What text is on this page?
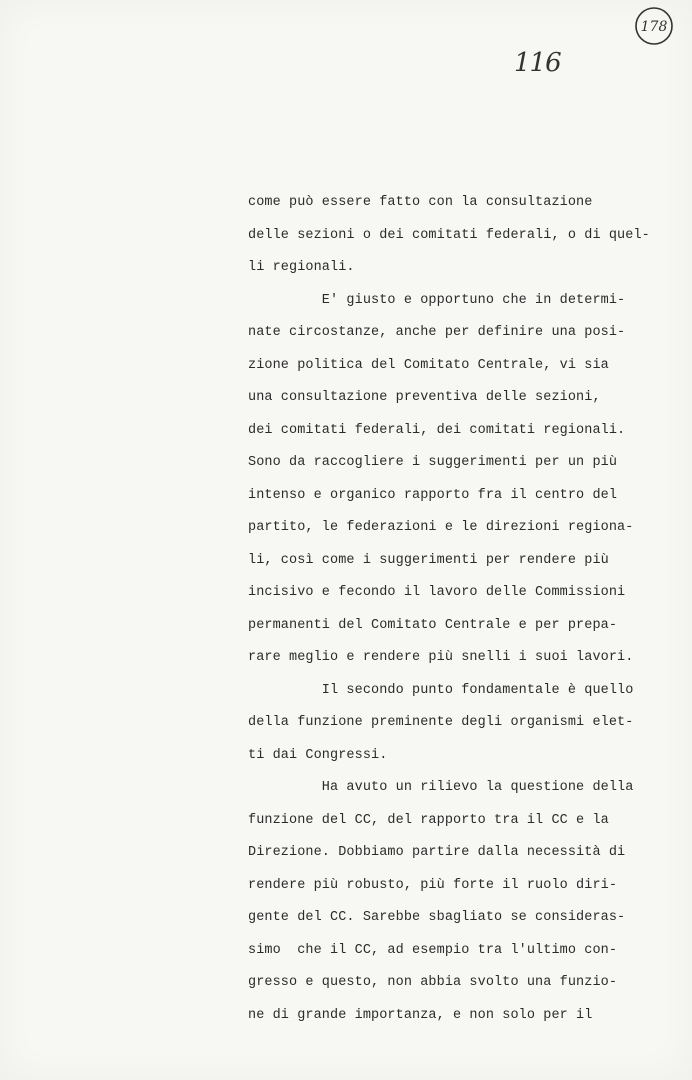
178
116
come può essere fatto con la consultazione
delle sezioni o dei comitati federali, o di quel-
li regionali.
E' giusto e opportuno che in determi-
nate circostanze, anche per definire una posi-
zione politica del Comitato Centrale, vi sia
una consultazione preventiva delle sezioni,
dei comitati federali, dei comitati regionali.
Sono da raccogliere i suggerimenti per un più
intenso e organico rapporto fra il centro del
partito, le federazioni e le direzioni regiona-
li, così come i suggerimenti per rendere più
incisivo e fecondo il lavoro delle Commissioni
permanenti del Comitato Centrale e per prepa-
rare meglio e rendere più snelli i suoi lavori.
Il secondo punto fondamentale è quello
della funzione preminente degli organismi elet-
ti dai Congressi.
Ha avuto un rilievo la questione della
funzione del CC, del rapporto tra il CC e la
Direzione. Dobbiamo partire dalla necessità di
rendere più robusto, più forte il ruolo diri-
gente del CC. Sarebbe sbagliato se consideras-
simo  che il CC, ad esempio tra l'ultimo con-
gresso e questo, non abbia svolto una funzio-
ne di grande importanza, e non solo per il
